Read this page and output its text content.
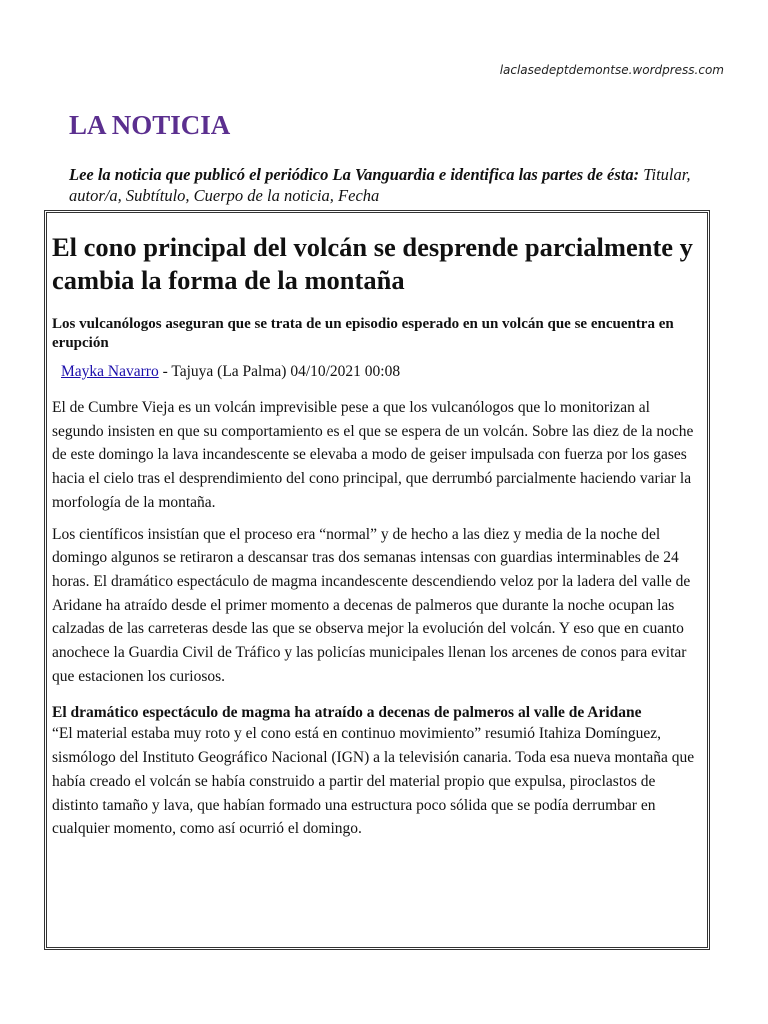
laclasedeptdemontse.wordpress.com
LA NOTICIA

Lee la noticia que publicó el periódico La Vanguardia e identifica las partes de ésta: Titular, autor/a, Subtítulo, Cuerpo de la noticia, Fecha

El cono principal del volcán se desprende parcialmente y cambia la forma de la montaña

Los vulcanólogos aseguran que se trata de un episodio esperado en un volcán que se encuentra en erupción

Mayka Navarro - Tajuya (La Palma) 04/10/2021 00:08

El de Cumbre Vieja es un volcán imprevisible pese a que los vulcanólogos que lo monitorizan al segundo insisten en que su comportamiento es el que se espera de un volcán. Sobre las diez de la noche de este domingo la lava incandescente se elevaba a modo de geiser impulsada con fuerza por los gases hacia el cielo tras el desprendimiento del cono principal, que derrumbó parcialmente haciendo variar la morfología de la montaña.

Los científicos insistían que el proceso era “normal” y de hecho a las diez y media de la noche del domingo algunos se retiraron a descansar tras dos semanas intensas con guardias interminables de 24 horas. El dramático espectáculo de magma incandescente descendiendo veloz por la ladera del valle de Aridane ha atraído desde el primer momento a decenas de palmeros que durante la noche ocupan las calzadas de las carreteras desde las que se observa mejor la evolución del volcán. Y eso que en cuanto anochece la Guardia Civil de Tráfico y las policías municipales llenan los arcenes de conos para evitar que estacionen los curiosos.

El dramático espectáculo de magma ha atraído a decenas de palmeros al valle de Aridane

“El material estaba muy roto y el cono está en continuo movimiento” resumió Itahiza Domínguez, sismólogo del Instituto Geográfico Nacional (IGN) a la televisión canaria. Toda esa nueva montaña que había creado el volcán se había construido a partir del material propio que expulsa, piroclastos de distinto tamaño y lava, que habían formado una estructura poco sólida que se podía derrumbar en cualquier momento, como así ocurrió el domingo.
